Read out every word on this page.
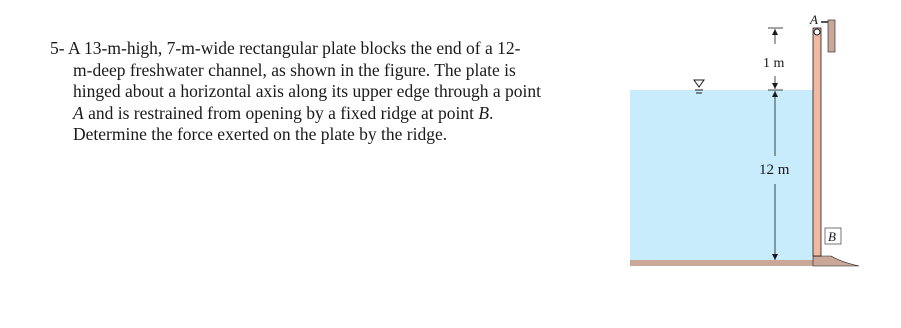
5- A 13-m-high, 7-m-wide rectangular plate blocks the end of a 12-
m-deep freshwater channel, as shown in the figure. The plate is
hinged about a horizontal axis along its upper edge through a point
A and is restrained from opening by a fixed ridge at point B.
Determine the force exerted on the plate by the ridge.
1 m
12 m
A
B
